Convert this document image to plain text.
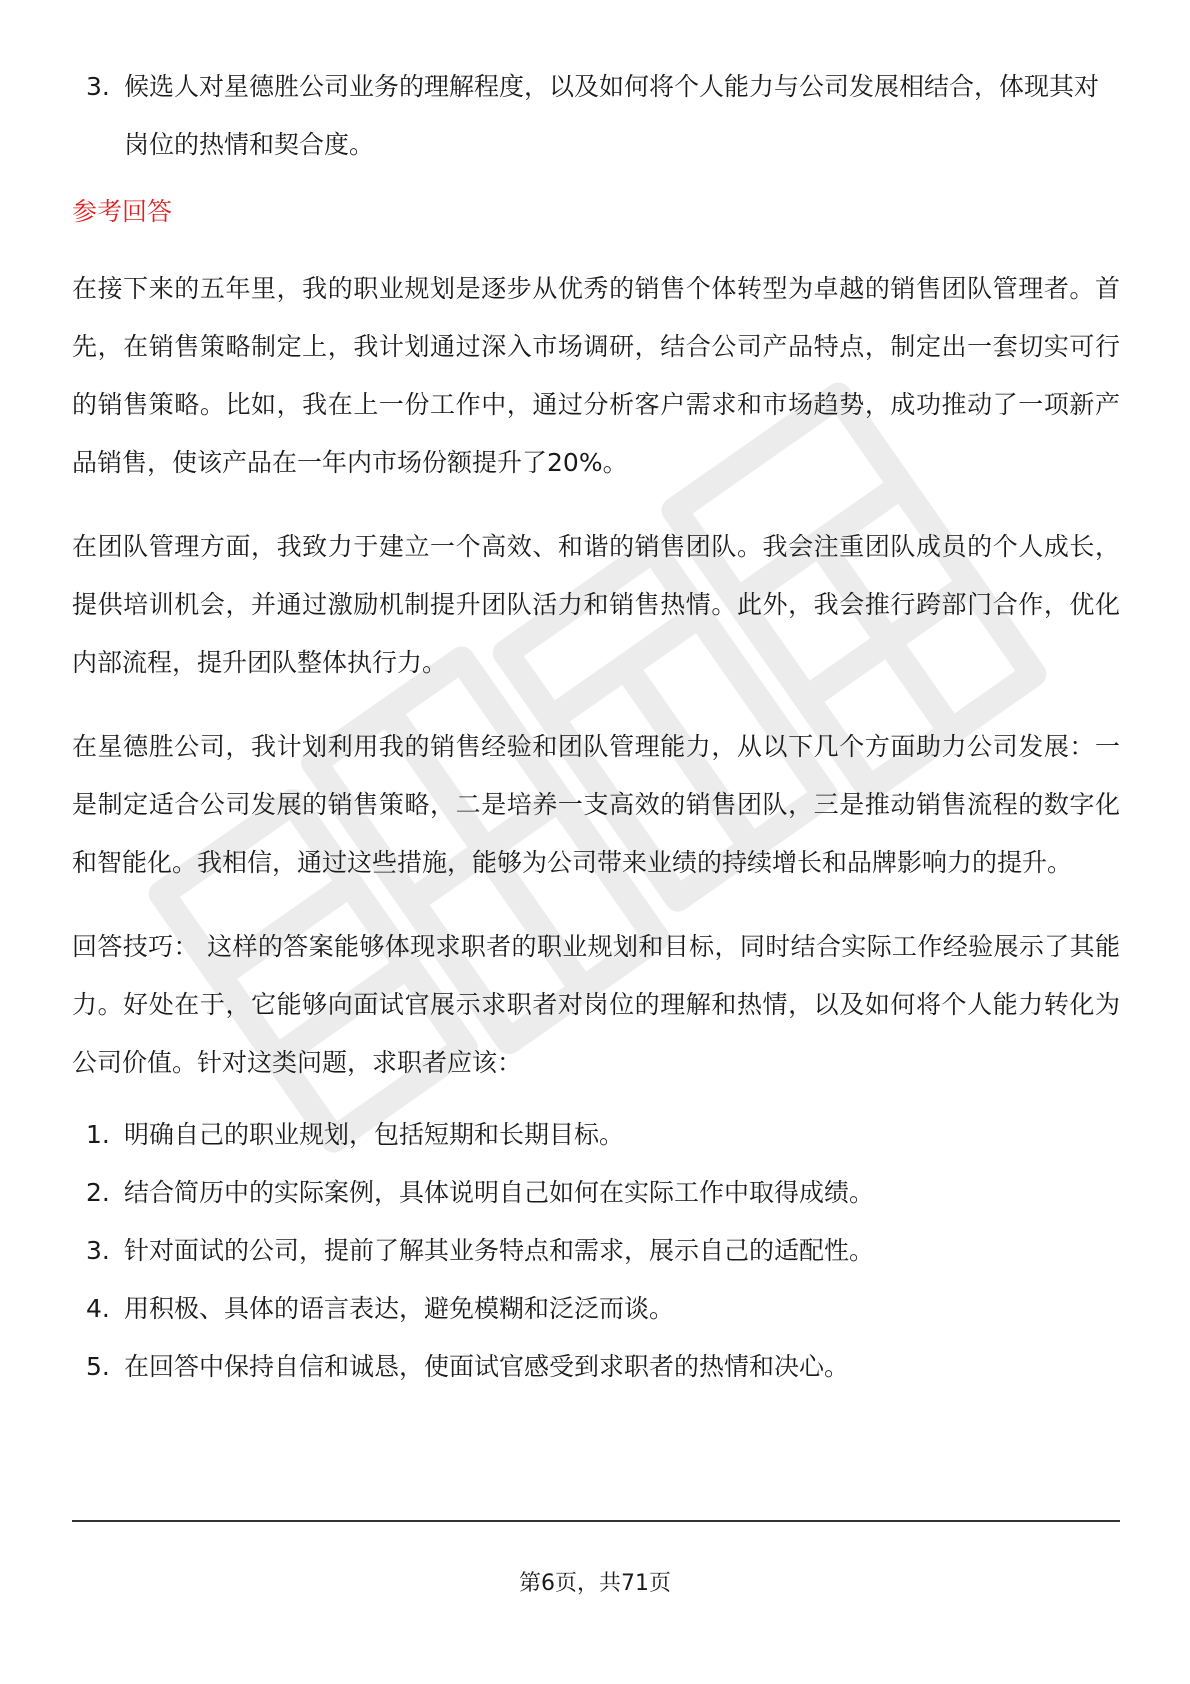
3. 候选人对星德胜公司业务的理解程度，以及如何将个人能力与公司发展相结合，体现其对岗位的热情和契合度。
参考回答

在接下来的五年里，我的职业规划是逐步从优秀的销售个体转型为卓越的销售团队管理者。首先，在销售策略制定上，我计划通过深入市场调研，结合公司产品特点，制定出一套切实可行的销售策略。比如，我在上一份工作中，通过分析客户需求和市场趋势，成功推动了一项新产品销售，使该产品在一年内市场份额提升了20%。

在团队管理方面，我致力于建立一个高效、和谐的销售团队。我会注重团队成员的个人成长，提供培训机会，并通过激励机制提升团队活力和销售热情。此外，我会推行跨部门合作，优化内部流程，提升团队整体执行力。

在星德胜公司，我计划利用我的销售经验和团队管理能力，从以下几个方面助力公司发展：一是制定适合公司发展的销售策略，二是培养一支高效的销售团队，三是推动销售流程的数字化和智能化。我相信，通过这些措施，能够为公司带来业绩的持续增长和品牌影响力的提升。

回答技巧： 这样的答案能够体现求职者的职业规划和目标，同时结合实际工作经验展示了其能力。好处在于，它能够向面试官展示求职者对岗位的理解和热情，以及如何将个人能力转化为公司价值。针对这类问题，求职者应该：

1. 明确自己的职业规划，包括短期和长期目标。
2. 结合简历中的实际案例，具体说明自己如何在实际工作中取得成绩。
3. 针对面试的公司，提前了解其业务特点和需求，展示自己的适配性。
4. 用积极、具体的语言表达，避免模糊和泛泛而谈。
5. 在回答中保持自信和诚恳，使面试官感受到求职者的热情和决心。
第6页，共71页
